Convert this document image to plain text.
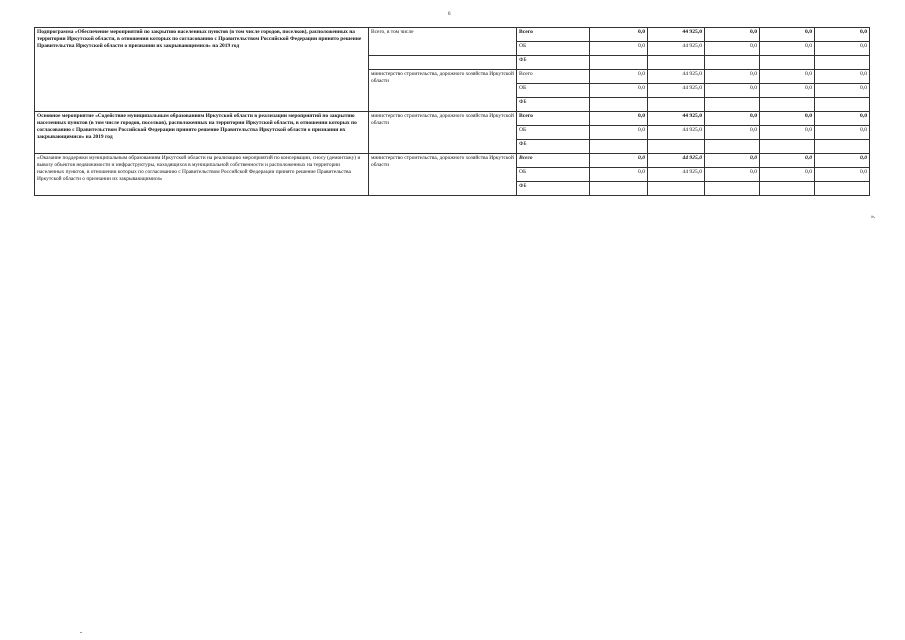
6
Подпрограмма «Обеспечение мероприятий по закрытию населенных пунктов (в том числе городов, поселков), расположенных на территории Иркутской области, в отношении которых по согласованию с Правительством Российской Федерации принято решение Правительства Иркутской области о признании их закрывающимися» на 2019 год	Всего, в том числе	Всего	0,0	44 925,0	0,0	0,0	0,0
		ОБ	0,0	44 925,0	0,0	0,0	0,0
		ФБ					
	министерство строительства, дорожного хозяйства Иркутской области	Всего	0,0	44 925,0	0,0	0,0	0,0
		ОБ	0,0	44 925,0	0,0	0,0	0,0
		ФБ					
Основное мероприятие «Содействие муниципальным образованиям Иркутской области в реализации мероприятий по закрытию населенных пунктов (в том числе городов, поселков), расположенных на территории Иркутской области, в отношении которых по согласованию с Правительством Российской Федерации принято решение Правительства Иркутской области о признании их закрывающимися» на 2019 год	министерство строительства, дорожного хозяйства Иркутской области	Всего	0,0	44 925,0	0,0	0,0	0,0
		ОБ	0,0	44 925,0	0,0	0,0	0,0
		ФБ					
«Оказание поддержки муниципальным образованиям Иркутской области на реализацию мероприятий по консервации, сносу (демонтажу) и вывозу объектов недвижимости и инфраструктуры, находящихся в муниципальной собственности и расположенных на территории населенных пунктов, в отношении которых по согласованию с Правительством Российской Федерации принято решение Правительства Иркутской области о признании их закрывающимися»	министерство строительства, дорожного хозяйства Иркутской области	Всего	0,0	44 925,0	0,0	0,0	0,0
		ОБ	0,0	44 925,0	0,0	0,0	0,0
		ФБ					
».
